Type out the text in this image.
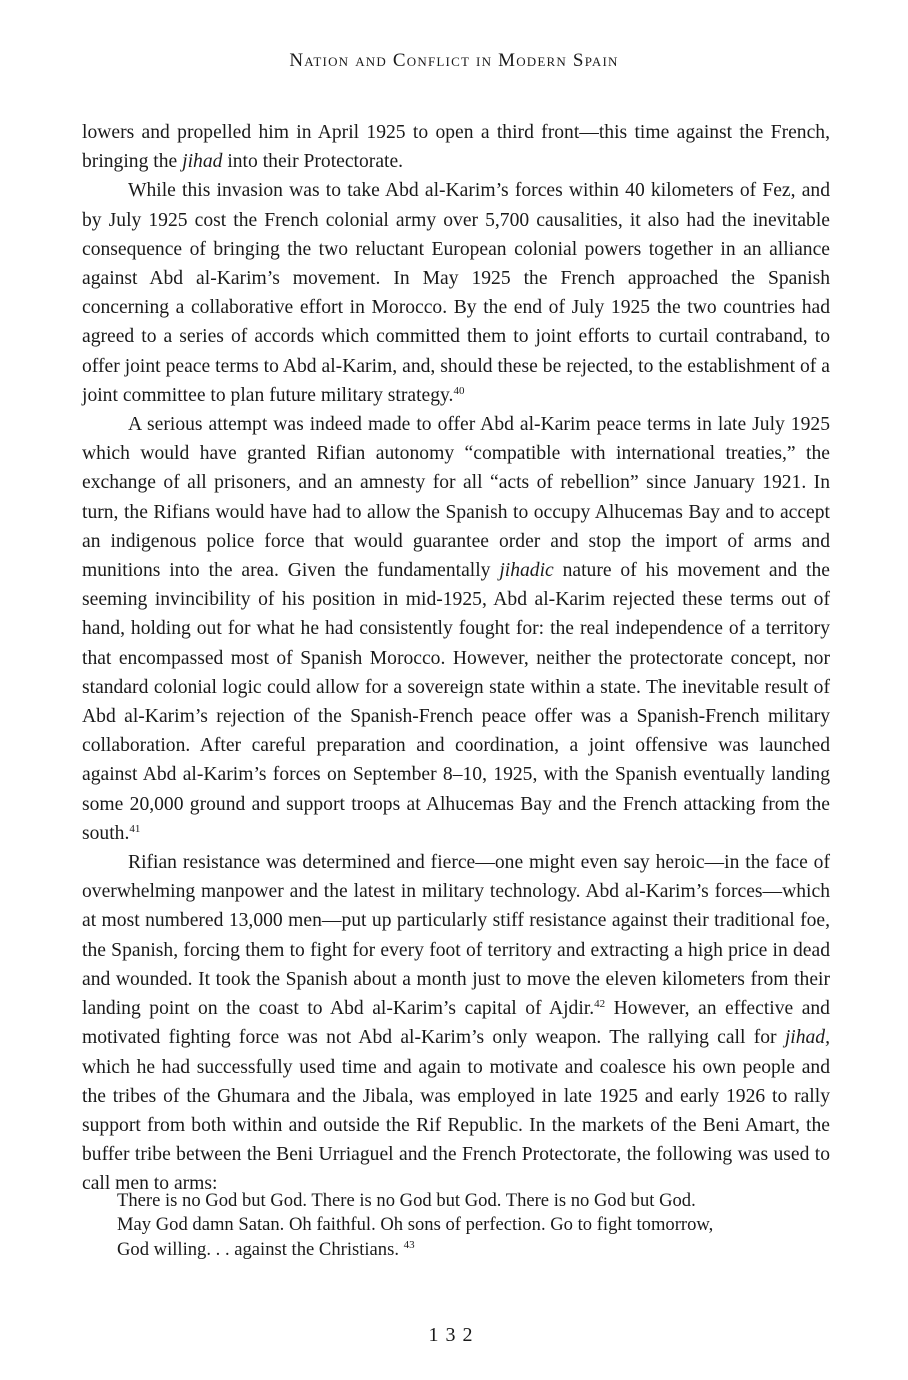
Nation and Conflict in Modern Spain

lowers and propelled him in April 1925 to open a third front—this time against the French, bringing the jihad into their Protectorate.

While this invasion was to take Abd al-Karim’s forces within 40 kilometers of Fez, and by July 1925 cost the French colonial army over 5,700 causalities, it also had the inevitable consequence of bringing the two reluctant European colonial powers together in an alliance against Abd al-Karim’s movement. In May 1925 the French approached the Spanish concerning a collaborative effort in Morocco. By the end of July 1925 the two countries had agreed to a series of accords which committed them to joint efforts to curtail contraband, to offer joint peace terms to Abd al-Karim, and, should these be rejected, to the establishment of a joint committee to plan future military strategy.$^{40}$

A serious attempt was indeed made to offer Abd al-Karim peace terms in late July 1925 which would have granted Rifian autonomy “compatible with international treaties,” the exchange of all prisoners, and an amnesty for all “acts of rebellion” since January 1921. In turn, the Rifians would have had to allow the Spanish to occupy Alhucemas Bay and to accept an indigenous police force that would guarantee order and stop the import of arms and munitions into the area. Given the fundamentally jihadic nature of his movement and the seeming invincibility of his position in mid-1925, Abd al-Karim rejected these terms out of hand, holding out for what he had consistently fought for: the real independence of a territory that encompassed most of Spanish Morocco. However, neither the protectorate concept, nor standard colonial logic could allow for a sovereign state within a state. The inevitable result of Abd al-Karim’s rejection of the Spanish-French peace offer was a Spanish-French military collaboration. After careful preparation and coordination, a joint offensive was launched against Abd al-Karim’s forces on September 8–10, 1925, with the Spanish eventually landing some 20,000 ground and support troops at Alhucemas Bay and the French attacking from the south.$^{41}$

Rifian resistance was determined and fierce—one might even say heroic—in the face of overwhelming manpower and the latest in military technology. Abd al-Karim’s forces—which at most numbered 13,000 men—put up particularly stiff resistance against their traditional foe, the Spanish, forcing them to fight for every foot of territory and extracting a high price in dead and wounded. It took the Spanish about a month just to move the eleven kilometers from their landing point on the coast to Abd al-Karim’s capital of Ajdir.$^{42}$ However, an effective and motivated fighting force was not Abd al-Karim’s only weapon. The rallying call for jihad, which he had successfully used time and again to motivate and coalesce his own people and the tribes of the Ghumara and the Jibala, was employed in late 1925 and early 1926 to rally support from both within and outside the Rif Republic. In the markets of the Beni Amart, the buffer tribe between the Beni Urriaguel and the French Protectorate, the following was used to call men to arms:

There is no God but God. There is no God but God. There is no God but God.

May God damn Satan. Oh faithful. Oh sons of perfection. Go to fight tomorrow,

God willing. . . against the Christians. $^{43}$

132
